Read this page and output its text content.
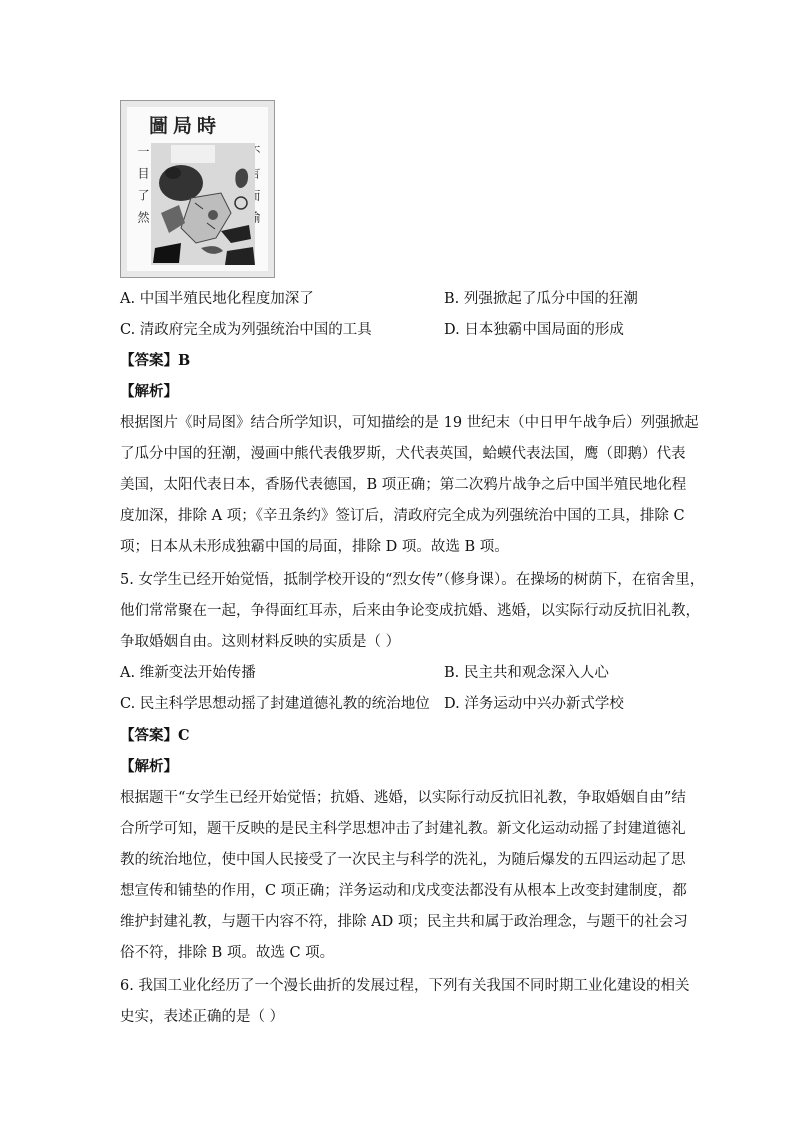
圖局時
一目了然
A. 中国半殖民地化程度加深了	B. 列强掀起了瓜分中国的狂潮
C. 清政府完全成为列强统治中国的工具	D. 日本独霸中国局面的形成
【答案】B
【解析】
根据图片《时局图》结合所学知识，可知描绘的是 19 世纪末（中日甲午战争后）列强掀起
了瓜分中国的狂潮，漫画中熊代表俄罗斯，犬代表英国，蛤蟆代表法国，鹰（即鹅）代表
美国，太阳代表日本，香肠代表德国，B 项正确；第二次鸦片战争之后中国半殖民地化程
度加深，排除 A 项；《辛丑条约》签订后，清政府完全成为列强统治中国的工具，排除 C
项；日本从未形成独霸中国的局面，排除 D 项。故选 B 项。
5. 女学生已经开始觉悟，抵制学校开设的“烈女传”（修身课）。在操场的树荫下，在宿舍里，
他们常常聚在一起，争得面红耳赤，后来由争论变成抗婚、逃婚，以实际行动反抗旧礼教，
争取婚姻自由。这则材料反映的实质是（ ）
A. 维新变法开始传播	B. 民主共和观念深入人心
C. 民主科学思想动摇了封建道德礼教的统治地位 D. 洋务运动中兴办新式学校
【答案】C
【解析】
根据题干“女学生已经开始觉悟；抗婚、逃婚，以实际行动反抗旧礼教，争取婚姻自由”结
合所学可知，题干反映的是民主科学思想冲击了封建礼教。新文化运动动摇了封建道德礼
教的统治地位，使中国人民接受了一次民主与科学的洗礼，为随后爆发的五四运动起了思
想宣传和铺垫的作用，C 项正确；洋务运动和戊戌变法都没有从根本上改变封建制度，都
维护封建礼教，与题干内容不符，排除 AD 项；民主共和属于政治理念，与题干的社会习
俗不符，排除 B 项。故选 C 项。
6. 我国工业化经历了一个漫长曲折的发展过程，下列有关我国不同时期工业化建设的相关
史实，表述正确的是（ ）
